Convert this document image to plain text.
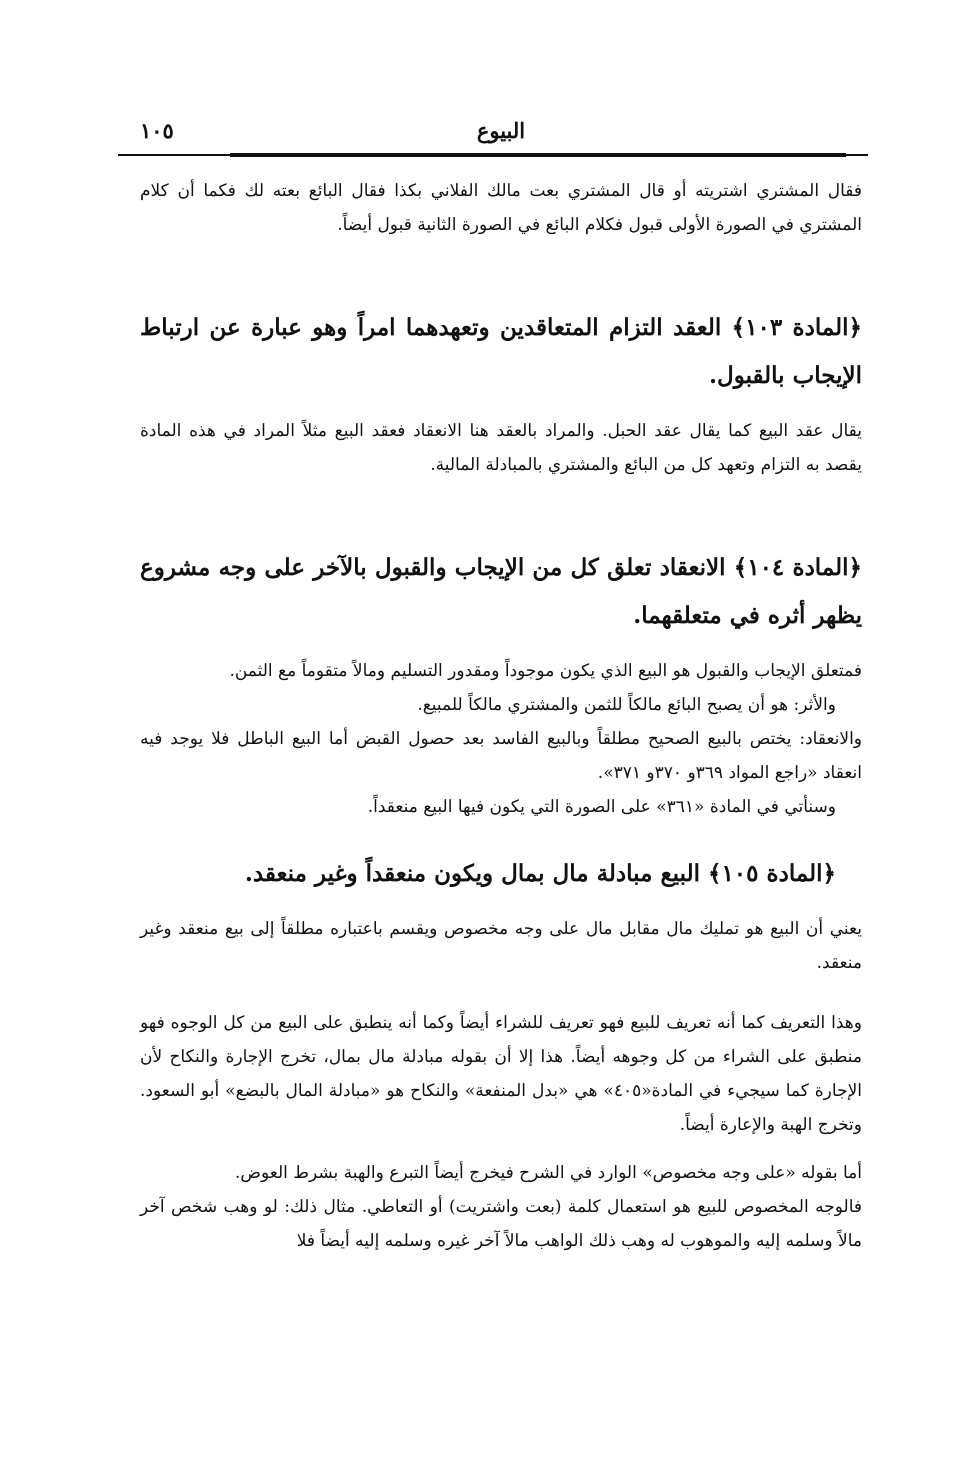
١٠٥	البيوع

فقال المشتري اشتريته أو قال المشتري بعت مالك الفلاني بكذا فقال البائع بعته لك فكما أن كلام المشتري في الصورة الأولى قبول فكلام البائع في الصورة الثانية قبول أيضاً.

﴿المادة ١٠٣﴾ العقد التزام المتعاقدين وتعهدهما امراً وهو عبارة عن ارتباط الإيجاب بالقبول.

يقال عقد البيع كما يقال عقد الحبل. والمراد بالعقد هنا الانعقاد فعقد البيع مثلاً المراد في هذه المادة يقصد به التزام وتعهد كل من البائع والمشتري بالمبادلة المالية.

﴿المادة ١٠٤﴾ الانعقاد تعلق كل من الإيجاب والقبول بالآخر على وجه مشروع يظهر أثره في متعلقهما.

فمتعلق الإيجاب والقبول هو البيع الذي يكون موجوداً ومقدور التسليم ومالاً متقوماً مع الثمن.

والأثر: هو أن يصبح البائع مالكاً للثمن والمشتري مالكاً للمبيع.

والانعقاد: يختص بالبيع الصحيح مطلقاً وبالبيع الفاسد بعد حصول القبض أما البيع الباطل فلا يوجد فيه انعقاد «راجع المواد ٣٦٩و ٣٧٠و ٣٧١».

وسنأتي في المادة «٣٦١» على الصورة التي يكون فيها البيع منعقداً.

﴿المادة ١٠٥﴾ البيع مبادلة مال بمال ويكون منعقداً وغير منعقد.

يعني أن البيع هو تمليك مال مقابل مال على وجه مخصوص ويقسم باعتباره مطلقاً إلى بيع منعقد وغير منعقد.

وهذا التعريف كما أنه تعريف للبيع فهو تعريف للشراء أيضاً وكما أنه ينطبق على البيع من كل الوجوه فهو منطبق على الشراء من كل وجوهه أيضاً. هذا إلا أن بقوله مبادلة مال بمال، تخرج الإجارة والنكاح لأن الإجارة كما سيجيء في المادة«٤٠٥» هي «بدل المنفعة» والنكاح هو «مبادلة المال بالبضع» أبو السعود. وتخرج الهبة والإعارة أيضاً.

أما بقوله «على وجه مخصوص» الوارد في الشرح فيخرج أيضاً التبرع والهبة بشرط العوض.

فالوجه المخصوص للبيع هو استعمال كلمة (بعت واشتريت) أو التعاطي. مثال ذلك: لو وهب شخص آخر مالاً وسلمه إليه والموهوب له وهب ذلك الواهب مالاً آخر غيره وسلمه إليه أيضاً فلا
